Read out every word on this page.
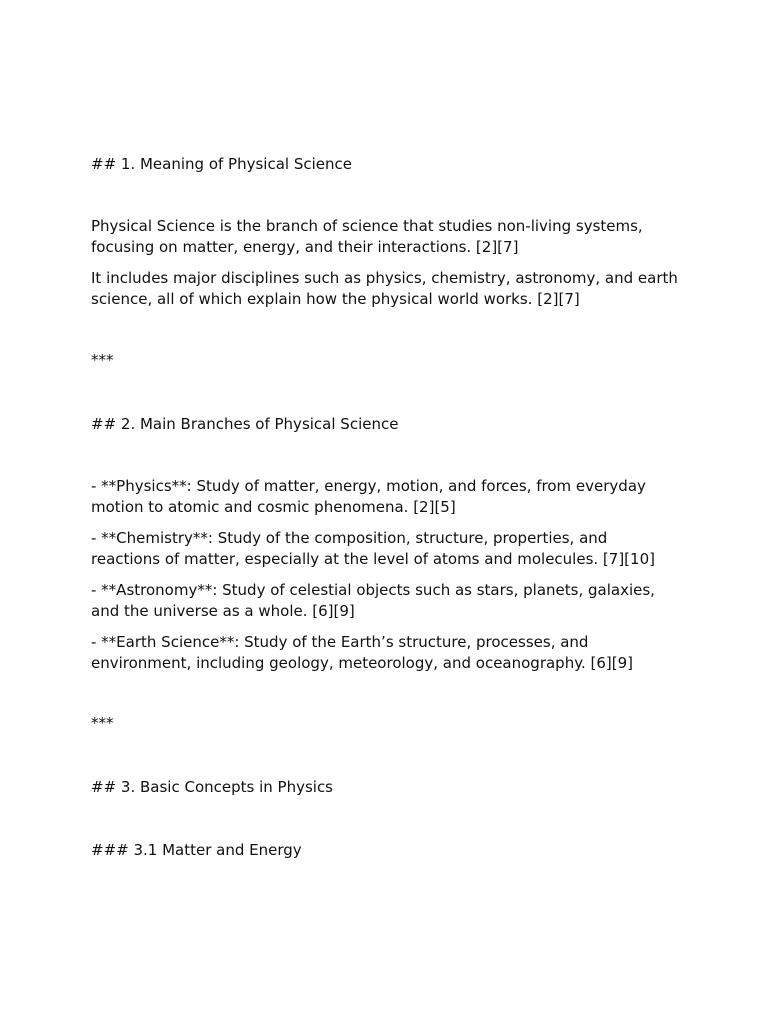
## 1. Meaning of Physical Science

Physical Science is the branch of science that studies non-living systems, focusing on matter, energy, and their interactions. [2][7]

It includes major disciplines such as physics, chemistry, astronomy, and earth science, all of which explain how the physical world works. [2][7]

***

## 2. Main Branches of Physical Science

- **Physics**: Study of matter, energy, motion, and forces, from everyday motion to atomic and cosmic phenomena. [2][5]

- **Chemistry**: Study of the composition, structure, properties, and reactions of matter, especially at the level of atoms and molecules. [7][10]

- **Astronomy**: Study of celestial objects such as stars, planets, galaxies, and the universe as a whole. [6][9]

- **Earth Science**: Study of the Earth’s structure, processes, and environment, including geology, meteorology, and oceanography. [6][9]

***

## 3. Basic Concepts in Physics

### 3.1 Matter and Energy
